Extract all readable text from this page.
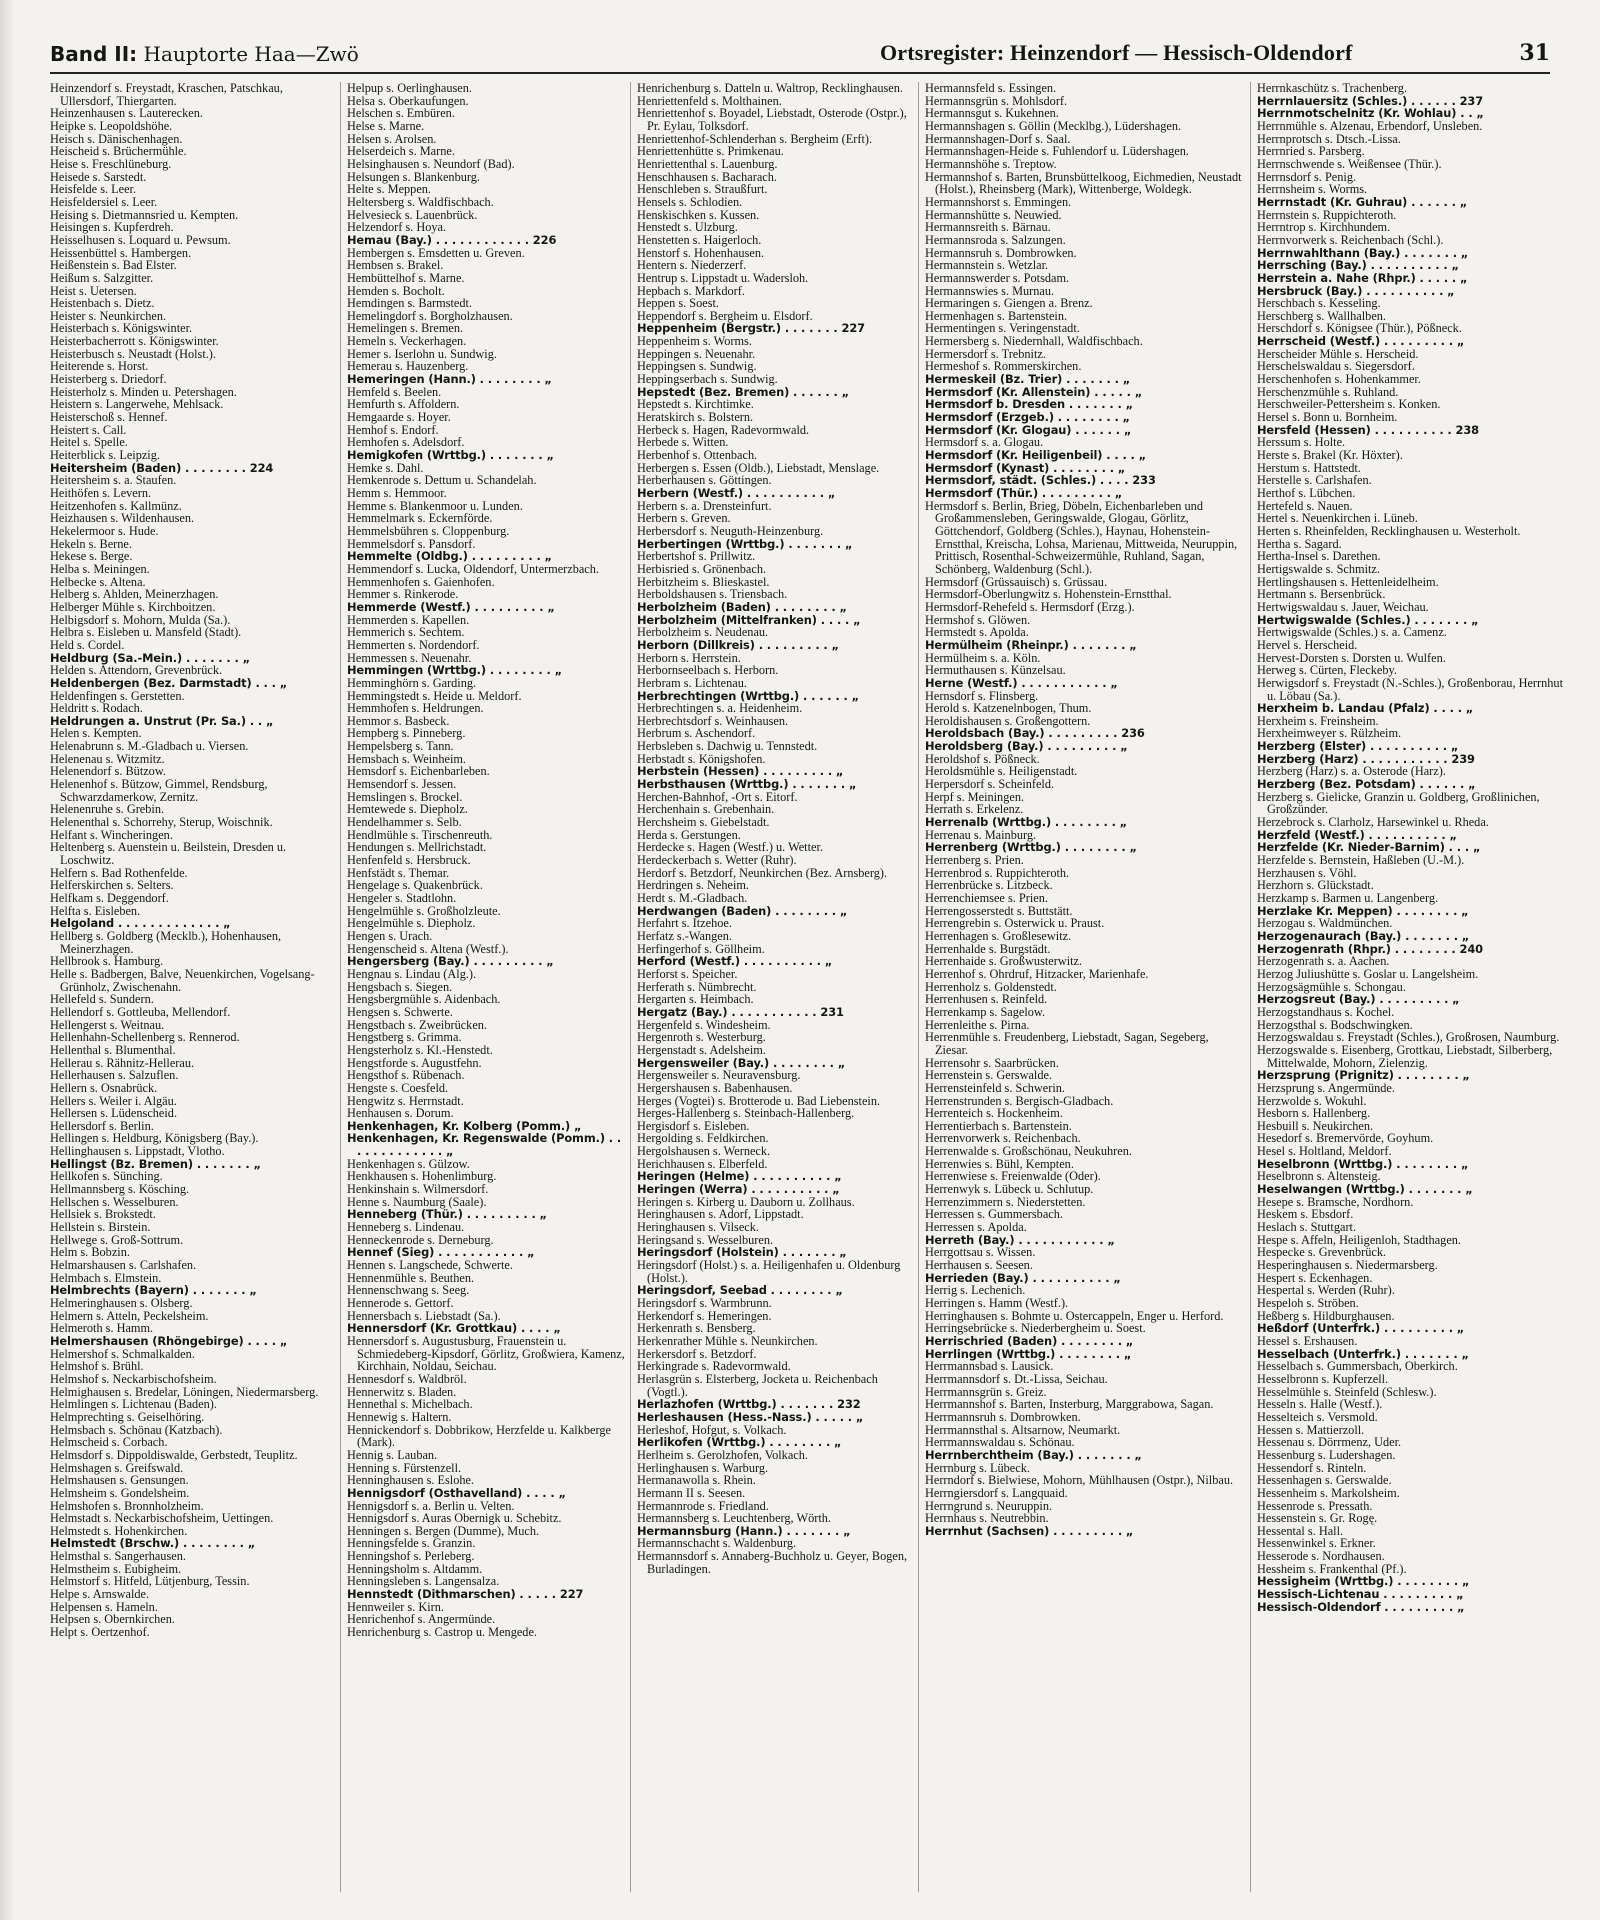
Band II: Hauptorte Haa—Zwö	Ortsregister: Heinzendorf — Hessisch-Oldendorf	31

Heinzendorf s. Freystadt, Kraschen, Patschkau, Ullersdorf, Thiergarten.

Heinzenhausen s. Lauterecken.

Heipke s. Leopoldshöhe.

Heisch s. Dänischenhagen.

Heischeid s. Brüchermühle.

Heise s. Freschlüneburg.

Heisede s. Sarstedt.

Heisfelde s. Leer.

Heisfeldersiel s. Leer.

Heising s. Dietmannsried u. Kempten.

Heisingen s. Kupferdreh.

Heisselhusen s. Loquard u. Pewsum.

Heissenbüttel s. Hambergen.

Heißenstein s. Bad Elster.

Heißum s. Salzgitter.

Heist s. Uetersen.

Heistenbach s. Dietz.

Heister s. Neunkirchen.

Heisterbach s. Königswinter.

Heisterbacherrott s. Königswinter.

Heisterbusch s. Neustadt (Holst.).

Heiterende s. Horst.

Heisterberg s. Driedorf.

Heisterholz s. Minden u. Petershagen.

Heistern s. Langerwehe, Mehlsack.

Heisterschoß s. Hennef.

Heistert s. Call.

Heitel s. Spelle.

Heiterblick s. Leipzig.

Heitersheim (Baden) . . . . . . . . 224

Heitersheim s. a. Staufen.

Heithöfen s. Levern.

Heitzenhofen s. Kallmünz.

Heizhausen s. Wildenhausen.

Hekelermoor s. Hude.

Hekeln s. Berne.

Hekese s. Berge.

Helba s. Meiningen.

Helbecke s. Altena.

Helberg s. Ahlden, Meinerzhagen.

Helberger Mühle s. Kirchboitzen.

Helbigsdorf s. Mohorn, Mulda (Sa.).

Helbra s. Eisleben u. Mansfeld (Stadt).

Held s. Cordel.

Heldburg (Sa.-Mein.) . . . . . . . „

Helden s. Attendorn, Grevenbrück.

Heldenbergen (Bez. Darmstadt) . . . „

Heldenfingen s. Gerstetten.

Heldritt s. Rodach.

Heldrungen a. Unstrut (Pr. Sa.) . . „

Helen s. Kempten.

Helenabrunn s. M.-Gladbach u. Viersen.

Helenenau s. Witzmitz.

Helenendorf s. Bützow.

Helenenhof s. Bützow, Gimmel, Rendsburg, Schwarzdamerkow, Zernitz.

Helenenruhe s. Grebin.

Helenenthal s. Schorrehy, Sterup, Woischnik.

Helfant s. Wincheringen.

Heltenberg s. Auenstein u. Beilstein, Dresden u. Loschwitz.

Helfern s. Bad Rothenfelde.

Helferskirchen s. Selters.

Helfkam s. Deggendorf.

Helfta s. Eisleben.

Helgoland . . . . . . . . . . . . . „

Hellberg s. Goldberg (Mecklb.), Hohenhausen, Meinerzhagen.

Hellbrook s. Hamburg.

Helle s. Badbergen, Balve, Neuenkirchen, Vogelsang-Grünholz, Zwischenahn.

Hellefeld s. Sundern.

Hellendorf s. Gottleuba, Mellendorf.

Hellengerst s. Weitnau.

Hellenhahn-Schellenberg s. Rennerod.

Hellenthal s. Blumenthal.

Hellerau s. Rähnitz-Hellerau.

Hellerhausen s. Salzuflen.

Hellern s. Osnabrück.

Hellers s. Weiler i. Algäu.

Hellersen s. Lüdenscheid.

Hellersdorf s. Berlin.

Hellingen s. Heldburg, Königsberg (Bay.).

Hellinghausen s. Lippstadt, Vlotho.

Hellingst (Bz. Bremen) . . . . . . . „

Hellkofen s. Sünching.

Hellmannsberg s. Kösching.

Hellschen s. Wesselburen.

Hellsiek s. Brokstedt.

Hellstein s. Birstein.

Hellwege s. Groß-Sottrum.

Helm s. Bobzin.

Helmarshausen s. Carlshafen.

Helmbach s. Elmstein.

Helmbrechts (Bayern) . . . . . . . „

Helmeringhausen s. Olsberg.

Helmern s. Atteln, Peckelsheim.

Helmeroth s. Hamm.

Helmershausen (Rhöngebirge) . . . . „

Helmershof s. Schmalkalden.

Helmshof s. Brühl.

Helmshof s. Neckarbischofsheim.

Helmighausen s. Bredelar, Löningen, Niedermarsberg.

Helmlingen s. Lichtenau (Baden).

Helmprechting s. Geiselhöring.

Helmsbach s. Schönau (Katzbach).

Helmscheid s. Corbach.

Helmsdorf s. Dippoldiswalde, Gerbstedt, Teuplitz.

Helmshagen s. Greifswald.

Helmshausen s. Gensungen.

Helmsheim s. Gondelsheim.

Helmshofen s. Bronnholzheim.

Helmstadt s. Neckarbischofsheim, Uettingen.

Helmstedt s. Hohenkirchen.

Helmstedt (Brschw.) . . . . . . . . „

Helmsthal s. Sangerhausen.

Helmstheim s. Eubigheim.

Helmstorf s. Hitfeld, Lütjenburg, Tessin.

Helpe s. Arnswalde.

Helpensen s. Hameln.

Helpsen s. Obernkirchen.

Helpt s. Oertzenhof.

Helpup s. Oerlinghausen.

Helsa s. Oberkaufungen.

Helschen s. Embüren.

Helse s. Marne.

Helsen s. Arolsen.

Helserdeich s. Marne.

Helsinghausen s. Neundorf (Bad).

Helsungen s. Blankenburg.

Helte s. Meppen.

Heltersberg s. Waldfischbach.

Helvesieck s. Lauenbrück.

Helzendorf s. Hoya.

Hemau (Bay.) . . . . . . . . . . . . 226

Hembergen s. Emsdetten u. Greven.

Hembsen s. Brakel.

Hembüttelhof s. Marne.

Hemden s. Bocholt.

Hemdingen s. Barmstedt.

Hemelingdorf s. Borgholzhausen.

Hemelingen s. Bremen.

Hemeln s. Veckerhagen.

Hemer s. Iserlohn u. Sundwig.

Hemerau s. Hauzenberg.

Hemeringen (Hann.) . . . . . . . . „

Hemfeld s. Beelen.

Hemfurth s. Affoldern.

Hemgaarde s. Hoyer.

Hemhof s. Endorf.

Hemhofen s. Adelsdorf.

Hemigkofen (Wrttbg.) . . . . . . . „

Hemke s. Dahl.

Hemkenrode s. Dettum u. Schandelah.

Hemm s. Hemmoor.

Hemme s. Blankenmoor u. Lunden.

Hemmelmark s. Eckernförde.

Hemmelsbühren s. Cloppenburg.

Hemmelsdorf s. Pansdorf.

Hemmelte (Oldbg.) . . . . . . . . . „

Hemmendorf s. Lucka, Oldendorf, Untermerzbach.

Hemmenhofen s. Gaienhofen.

Hemmer s. Rinkerode.

Hemmerde (Westf.) . . . . . . . . . „

Hemmerden s. Kapellen.

Hemmerich s. Sechtem.

Hemmerten s. Nordendorf.

Hemmessen s. Neuenahr.

Hemmingen (Wrttbg.) . . . . . . . . „

Hemminghörn s. Garding.

Hemmingstedt s. Heide u. Meldorf.

Hemmhofen s. Heldrungen.

Hemmor s. Basbeck.

Hempberg s. Pinneberg.

Hempelsberg s. Tann.

Hemsbach s. Weinheim.

Hemsdorf s. Eichenbarleben.

Hemsendorf s. Jessen.

Hemslingen s. Brockel.

Hemtewede s. Diepholz.

Hendelhammer s. Selb.

Hendlmühle s. Tirschenreuth.

Hendungen s. Mellrichstadt.

Henfenfeld s. Hersbruck.

Henfstädt s. Themar.

Hengelage s. Quakenbrück.

Hengeler s. Stadtlohn.

Hengelmühle s. Großholzleute.

Hengelmühle s. Diepholz.

Hengen s. Urach.

Hengenscheid s. Altena (Westf.).

Hengersberg (Bay.) . . . . . . . . . „

Hengnau s. Lindau (Alg.).

Hengsbach s. Siegen.

Hengsbergmühle s. Aidenbach.

Hengsen s. Schwerte.

Hengstbach s. Zweibrücken.

Hengstberg s. Grimma.

Hengsterholz s. Kl.-Henstedt.

Hengstforde s. Augustfehn.

Hengsthof s. Rübenach.

Hengste s. Coesfeld.

Hengwitz s. Herrnstadt.

Henhausen s. Dorum.

Henkenhagen, Kr. Kolberg (Pomm.) „

Henkenhagen, Kr. Regenswalde (Pomm.) . . . . . . . . . . . . . „

Henkenhagen s. Gülzow.

Henkhausen s. Hohenlimburg.

Henkinshain s. Wilmersdorf.

Henne s. Naumburg (Saale).

Henneberg (Thür.) . . . . . . . . . „

Henneberg s. Lindenau.

Henneckenrode s. Derneburg.

Hennef (Sieg) . . . . . . . . . . . „

Hennen s. Langschede, Schwerte.

Hennenmühle s. Beuthen.

Hennenschwang s. Seeg.

Hennerode s. Gettorf.

Hennersbach s. Liebstadt (Sa.).

Hennersdorf (Kr. Grottkau) . . . . „

Hennersdorf s. Augustusburg, Frauenstein u. Schmiedeberg-Kipsdorf, Görlitz, Großwiera, Kamenz, Kirchhain, Noldau, Seichau.

Hennesdorf s. Waldbröl.

Hennerwitz s. Bladen.

Hennethal s. Michelbach.

Hennewig s. Haltern.

Hennickendorf s. Dobbrikow, Herzfelde u. Kalkberge (Mark).

Hennig s. Lauban.

Henning s. Fürstenzell.

Henninghausen s. Eslohe.

Hennigsdorf (Osthavelland) . . . . „

Hennigsdorf s. a. Berlin u. Velten.

Hennigsdorf s. Auras Obernigk u. Schebitz.

Henningen s. Bergen (Dumme), Much.

Henningsfelde s. Granzin.

Henningshof s. Perleberg.

Henningsholm s. Altdamm.

Henningsleben s. Langensalza.

Hennstedt (Dithmarschen) . . . . . 227

Hennweiler s. Kirn.

Henrichenhof s. Angermünde.

Henrichenburg s. Castrop u. Mengede.

Henrichenburg s. Datteln u. Waltrop, Recklinghausen.

Henriettenfeld s. Molthainen.

Henriettenhof s. Boyadel, Liebstadt, Osterode (Ostpr.), Pr. Eylau, Tolksdorf.

Henriettenhof-Schlenderhan s. Bergheim (Erft).

Henriettenhütte s. Primkenau.

Henriettenthal s. Lauenburg.

Henschhausen s. Bacharach.

Henschleben s. Straußfurt.

Hensels s. Schlodien.

Henskischken s. Kussen.

Henstedt s. Ulzburg.

Henstetten s. Haigerloch.

Henstorf s. Hohenhausen.

Hentern s. Niederzerf.

Hentrup s. Lippstadt u. Wadersloh.

Hepbach s. Markdorf.

Heppen s. Soest.

Heppendorf s. Bergheim u. Elsdorf.

Heppenheim (Bergstr.) . . . . . . . 227

Heppenheim s. Worms.

Heppingen s. Neuenahr.

Heppingsen s. Sundwig.

Heppingserbach s. Sundwig.

Hepstedt (Bez. Bremen) . . . . . . „

Hepstedt s. Kirchtimke.

Heratskirch s. Bolstern.

Herbeck s. Hagen, Radevormwald.

Herbede s. Witten.

Herbenhof s. Ottenbach.

Herbergen s. Essen (Oldb.), Liebstadt, Menslage.

Herberhausen s. Göttingen.

Herbern (Westf.) . . . . . . . . . . „

Herbern s. a. Drensteinfurt.

Herbern s. Greven.

Herbersdorf s. Neuguth-Heinzenburg.

Herbertingen (Wrttbg.) . . . . . . . „

Herbertshof s. Prillwitz.

Herbisried s. Grönenbach.

Herbitzheim s. Blieskastel.

Herboldshausen s. Triensbach.

Herbolzheim (Baden) . . . . . . . . „

Herbolzheim (Mittelfranken) . . . . „

Herbolzheim s. Neudenau.

Herborn (Dillkreis) . . . . . . . . . „

Herborn s. Herrstein.

Herbornseelbach s. Herborn.

Herbram s. Lichtenau.

Herbrechtingen (Wrttbg.) . . . . . . „

Herbrechtingen s. a. Heidenheim.

Herbrechtsdorf s. Weinhausen.

Herbrum s. Aschendorf.

Herbsleben s. Dachwig u. Tennstedt.

Herbstadt s. Königshofen.

Herbstein (Hessen) . . . . . . . . . „

Herbsthausen (Wrttbg.) . . . . . . . „

Herchen-Bahnhof, -Ort s. Eitorf.

Herchenhain s. Grebenhain.

Herchsheim s. Giebelstadt.

Herda s. Gerstungen.

Herdecke s. Hagen (Westf.) u. Wetter.

Herdeckerbach s. Wetter (Ruhr).

Herdorf s. Betzdorf, Neunkirchen (Bez. Arnsberg).

Herdringen s. Neheim.

Herdt s. M.-Gladbach.

Herdwangen (Baden) . . . . . . . . „

Herfahrt s. Itzehoe.

Herfatz s.-Wangen.

Herfingerhof s. Göllheim.

Herford (Westf.) . . . . . . . . . . „

Herforst s. Speicher.

Herferath s. Nümbrecht.

Hergarten s. Heimbach.

Hergatz (Bay.) . . . . . . . . . . . 231

Hergenfeld s. Windesheim.

Hergenroth s. Westerburg.

Hergenstadt s. Adelsheim.

Hergensweiler (Bay.) . . . . . . . . „

Hergensweiler s. Neuravensburg.

Hergershausen s. Babenhausen.

Herges (Vogtei) s. Brotterode u. Bad Liebenstein.

Herges-Hallenberg s. Steinbach-Hallenberg.

Hergisdorf s. Eisleben.

Hergolding s. Feldkirchen.

Hergolshausen s. Werneck.

Herichhausen s. Elberfeld.

Heringen (Helme) . . . . . . . . . . „

Heringen (Werra) . . . . . . . . . . „

Heringen s. Kirberg u. Dauborn u. Zollhaus.

Heringhausen s. Adorf, Lippstadt.

Heringhausen s. Vilseck.

Heringsand s. Wesselburen.

Heringsdorf (Holstein) . . . . . . . „

Heringsdorf (Holst.) s. a. Heiligenhafen u. Oldenburg (Holst.).

Heringsdorf, Seebad . . . . . . . . „

Heringsdorf s. Warmbrunn.

Herkendorf s. Hemeringen.

Herkenrath s. Bensberg.

Herkenrather Mühle s. Neunkirchen.

Herkersdorf s. Betzdorf.

Herkingrade s. Radevormwald.

Herlasgrün s. Elsterberg, Jocketa u. Reichenbach (Vogtl.).

Herlazhofen (Wrttbg.) . . . . . . . 232

Herleshausen (Hess.-Nass.) . . . . . „

Herleshof, Hofgut, s. Volkach.

Herlikofen (Wrttbg.) . . . . . . . . „

Herlheim s. Gerolzhofen, Volkach.

Herlinghausen s. Warburg.

Hermanawolla s. Rhein.

Hermann II s. Seesen.

Hermannrode s. Friedland.

Hermannsberg s. Leuchtenberg, Wörth.

Hermannsburg (Hann.) . . . . . . . „

Hermannschacht s. Waldenburg.

Hermannsdorf s. Annaberg-Buchholz u. Geyer, Bogen, Burladingen.

Hermannsfeld s. Essingen.

Hermannsgrün s. Mohlsdorf.

Hermannsgut s. Kukehnen.

Hermannshagen s. Göllin (Mecklbg.), Lüdershagen.

Hermannshagen-Dorf s. Saal.

Hermannshagen-Heide s. Fuhlendorf u. Lüdershagen.

Hermannshöhe s. Treptow.

Hermannshof s. Barten, Brunsbüttelkoog, Eichmedien, Neustadt (Holst.), Rheinsberg (Mark), Wittenberge, Woldegk.

Hermannshorst s. Emmingen.

Hermannshütte s. Neuwied.

Hermannsreith s. Bärnau.

Hermannsroda s. Salzungen.

Hermannsruh s. Dombrowken.

Hermannstein s. Wetzlar.

Hermannswerder s. Potsdam.

Hermannswies s. Murnau.

Hermaringen s. Giengen a. Brenz.

Hermenhagen s. Bartenstein.

Hermentingen s. Veringenstadt.

Hermersberg s. Niedernhall, Waldfischbach.

Hermersdorf s. Trebnitz.

Hermeshof s. Rommerskirchen.

Hermeskeil (Bz. Trier) . . . . . . . „

Hermsdorf (Kr. Allenstein) . . . . . „

Hermsdorf b. Dresden . . . . . . . „

Hermsdorf (Erzgeb.) . . . . . . . . „

Hermsdorf (Kr. Glogau) . . . . . . „

Hermsdorf s. a. Glogau.

Hermsdorf (Kr. Heiligenbeil) . . . . „

Hermsdorf (Kynast) . . . . . . . . „

Hermsdorf, städt. (Schles.) . . . . 233

Hermsdorf (Thür.) . . . . . . . . . „

Hermsdorf s. Berlin, Brieg, Döbeln, Eichenbarleben und Großammensleben, Geringswalde, Glogau, Görlitz, Göttchendorf, Goldberg (Schles.), Haynau, Hohenstein-Ernstthal, Kreischa, Lohsa, Marienau, Mittweida, Neuruppin, Prittisch, Rosenthal-Schweizermühle, Ruhland, Sagan, Schönberg, Waldenburg (Schl.).

Hermsdorf (Grüssauisch) s. Grüssau.

Hermsdorf-Oberlungwitz s. Hohenstein-Ernstthal.

Hermsdorf-Rehefeld s. Hermsdorf (Erzg.).

Hermshof s. Glöwen.

Hermstedt s. Apolda.

Hermülheim (Rheinpr.) . . . . . . . „

Hermülheim s. a. Köln.

Hermuthausen s. Künzelsau.

Herne (Westf.) . . . . . . . . . . . „

Hernsdorf s. Flinsberg.

Herold s. Katzenelnbogen, Thum.

Heroldishausen s. Großengottern.

Heroldsbach (Bay.) . . . . . . . . . 236

Heroldsberg (Bay.) . . . . . . . . . „

Heroldshof s. Pößneck.

Heroldsmühle s. Heiligenstadt.

Herpersdorf s. Scheinfeld.

Herpf s. Meiningen.

Herrath s. Erkelenz.

Herrenalb (Wrttbg.) . . . . . . . . „

Herrenau s. Mainburg.

Herrenberg (Wrttbg.) . . . . . . . . „

Herrenberg s. Prien.

Herrenbrod s. Ruppichteroth.

Herrenbrücke s. Litzbeck.

Herrenchiemsee s. Prien.

Herrengosserstedt s. Buttstätt.

Herrengrebin s. Osterwick u. Praust.

Herrenhagen s. Großlesewitz.

Herrenhalde s. Burgstädt.

Herrenhaide s. Großwusterwitz.

Herrenhof s. Ohrdruf, Hitzacker, Marienhafe.

Herrenholz s. Goldenstedt.

Herrenhusen s. Reinfeld.

Herrenkamp s. Sagelow.

Herrenleithe s. Pirna.

Herrenmühle s. Freudenberg, Liebstadt, Sagan, Segeberg, Ziesar.

Herrensohr s. Saarbrücken.

Herrenstein s. Gerswalde.

Herrensteinfeld s. Schwerin.

Herrenstrunden s. Bergisch-Gladbach.

Herrenteich s. Hockenheim.

Herrentierbach s. Bartenstein.

Herrenvorwerk s. Reichenbach.

Herrenwalde s. Großschönau, Neukuhren.

Herrenwies s. Bühl, Kempten.

Herrenwiese s. Freienwalde (Oder).

Herrenwyk s. Lübeck u. Schlutup.

Herrenzimmern s. Niederstetten.

Herressen s. Gummersbach.

Herressen s. Apolda.

Herreth (Bay.) . . . . . . . . . . . „

Herrgottsau s. Wissen.

Herrhausen s. Seesen.

Herrieden (Bay.) . . . . . . . . . . „

Herrig s. Lechenich.

Herringen s. Hamm (Westf.).

Herringhausen s. Bohmte u. Ostercappeln, Enger u. Herford.

Herringsebrücke s. Niederbergheim u. Soest.

Herrischried (Baden) . . . . . . . . „

Herrlingen (Wrttbg.) . . . . . . . . „

Herrmannsbad s. Lausick.

Herrmannsdorf s. Dt.-Lissa, Seichau.

Herrmannsgrün s. Greiz.

Herrmannshof s. Barten, Insterburg, Marggrabowa, Sagan.

Herrmannsruh s. Dombrowken.

Herrmannsthal s. Altsarnow, Neumarkt.

Herrmannswaldau s. Schönau.

Herrnberchtheim (Bay.) . . . . . . . „

Herrnburg s. Lübeck.

Herrndorf s. Bielwiese, Mohorn, Mühlhausen (Ostpr.), Nilbau.

Herrngiersdorf s. Langquaid.

Herrngrund s. Neuruppin.

Herrnhaus s. Neutrebbin.

Herrnhut (Sachsen) . . . . . . . . . „

Herrnkaschütz s. Trachenberg.

Herrnlauersitz (Schles.) . . . . . . 237

Herrnmotschelnitz (Kr. Wohlau) . . „

Herrnmühle s. Alzenau, Erbendorf, Unsleben.

Herrnprotsch s. Dtsch.-Lissa.

Herrnried s. Parsberg.

Herrnschwende s. Weißensee (Thür.).

Herrnsdorf s. Penig.

Herrnsheim s. Worms.

Herrnstadt (Kr. Guhrau) . . . . . . „

Herrnstein s. Ruppichteroth.

Herrntrop s. Kirchhundem.

Herrnvorwerk s. Reichenbach (Schl.).

Herrnwahlthann (Bay.) . . . . . . . „

Herrsching (Bay.) . . . . . . . . . . „

Herrstein a. Nahe (Rhpr.) . . . . . „

Hersbruck (Bay.) . . . . . . . . . . „

Herschbach s. Kesseling.

Herschberg s. Wallhalben.

Herschdorf s. Königsee (Thür.), Pößneck.

Herrscheid (Westf.) . . . . . . . . . „

Herscheider Mühle s. Herscheid.

Herschelswaldau s. Siegersdorf.

Herschenhofen s. Hohenkammer.

Herschenzmühle s. Ruhland.

Herschweiler-Pettersheim s. Konken.

Hersel s. Bonn u. Bornheim.

Hersfeld (Hessen) . . . . . . . . . . 238

Herssum s. Holte.

Herste s. Brakel (Kr. Höxter).

Herstum s. Hattstedt.

Herstelle s. Carlshafen.

Herthof s. Lübchen.

Hertefeld s. Nauen.

Hertel s. Neuenkirchen i. Lüneb.

Herten s. Rheinfelden, Recklinghausen u. Westerholt.

Hertha s. Sagard.

Hertha-Insel s. Darethen.

Hertigswalde s. Schmitz.

Hertlingshausen s. Hettenleidelheim.

Hertmann s. Bersenbrück.

Hertwigswaldau s. Jauer, Weichau.

Hertwigswalde (Schles.) . . . . . . . „

Hertwigswalde (Schles.) s. a. Camenz.

Hervel s. Herscheid.

Hervest-Dorsten s. Dorsten u. Wulfen.

Herweg s. Cürten, Fleckeby.

Herwigsdorf s. Freystadt (N.-Schles.), Großenborau, Herrnhut u. Löbau (Sa.).

Herxheim b. Landau (Pfalz) . . . . „

Herxheim s. Freinsheim.

Herxheimweyer s. Rülzheim.

Herzberg (Elster) . . . . . . . . . . „

Herzberg (Harz) . . . . . . . . . . . 239

Herzberg (Harz) s. a. Osterode (Harz).

Herzberg (Bez. Potsdam) . . . . . . „

Herzberg s. Gielicke, Granzin u. Goldberg, Großlinichen, Großzünder.

Herzebrock s. Clarholz, Harsewinkel u. Rheda.

Herzfeld (Westf.) . . . . . . . . . . „

Herzfelde (Kr. Nieder-Barnim) . . . „

Herzfelde s. Bernstein, Haßleben (U.-M.).

Herzhausen s. Vöhl.

Herzhorn s. Glückstadt.

Herzkamp s. Barmen u. Langenberg.

Herzlake Kr. Meppen) . . . . . . . . „

Herzogau s. Waldmünchen.

Herzogenaurach (Bay.) . . . . . . . „

Herzogenrath (Rhpr.) . . . . . . . . 240

Herzogenrath s. a. Aachen.

Herzog Juliushütte s. Goslar u. Langelsheim.

Herzogsägmühle s. Schongau.

Herzogsreut (Bay.) . . . . . . . . . „

Herzogstandhaus s. Kochel.

Herzogsthal s. Bodschwingken.

Herzogswaldau s. Freystadt (Schles.), Großrosen, Naumburg.

Herzogswalde s. Eisenberg, Grottkau, Liebstadt, Silberberg, Mittelwalde, Mohorn, Zielenzig.

Herzsprung (Prignitz) . . . . . . . . „

Herzsprung s. Angermünde.

Herzwolde s. Wokuhl.

Hesborn s. Hallenberg.

Hesbuill s. Neukirchen.

Hesedorf s. Bremervörde, Goyhum.

Hesel s. Holtland, Meldorf.

Heselbronn (Wrttbg.) . . . . . . . . „

Heselbronn s. Altensteig.

Heselwangen (Wrttbg.) . . . . . . . „

Hesepe s. Bramsche, Nordhorn.

Heskem s. Ebsdorf.

Heslach s. Stuttgart.

Hespe s. Affeln, Heiligenloh, Stadthagen.

Hespecke s. Grevenbrück.

Hesperinghausen s. Niedermarsberg.

Hespert s. Eckenhagen.

Hespertal s. Werden (Ruhr).

Hespeloh s. Ströben.

Heßberg s. Hildburghausen.

Heßdorf (Unterfrk.) . . . . . . . . . „

Hessel s. Ershausen.

Hesselbach (Unterfrk.) . . . . . . . „

Hesselbach s. Gummersbach, Oberkirch.

Hesselbronn s. Kupferzell.

Hesselmühle s. Steinfeld (Schlesw.).

Hesseln s. Halle (Westf.).

Hesselteich s. Versmold.

Hessen s. Mattierzoll.

Hessenau s. Dörrmenz, Uder.

Hessenburg s. Ludershagen.

Hessendorf s. Rinteln.

Hessenhagen s. Gerswalde.

Hessenheim s. Markolsheim.

Hessenrode s. Pressath.

Hessenstein s. Gr. Rogę.

Hessental s. Hall.

Hessenwinkel s. Erkner.

Hesserode s. Nordhausen.

Hessheim s. Frankenthal (Pf.).

Hessigheim (Wrttbg.) . . . . . . . . „

Hessisch-Lichtenau . . . . . . . . . „

Hessisch-Oldendorf . . . . . . . . . „
